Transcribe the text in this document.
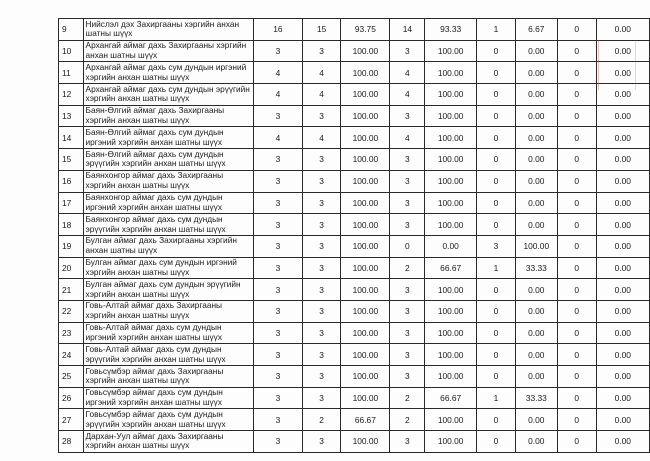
9	Нийслэл дэх Захиргааны хэргийн анхан шатны шүүх	16	15	93.75	14	93.33	1	6.67	0	0.00
10	Архангай аймаг дахь Захиргааны хэргийн анхан шатны шүүх	3	3	100.00	3	100.00	0	0.00	0	0.00
11	Архангай аймаг дахь сум дундын иргэний хэргийн анхан шатны шүүх	4	4	100.00	4	100.00	0	0.00	0	0.00
12	Архангай аймаг дахь сум дундын эрүүгийн хэргийн анхан шатны шүүх	4	4	100.00	4	100.00	0	0.00	0	0.00
13	Баян-Өлгий аймаг дахь Захиргааны хэргийн анхан шатны шүүх	3	3	100.00	3	100.00	0	0.00	0	0.00
14	Баян-Өлгий аймаг дахь сум дундын иргэний хэргийн анхан шатны шүүх	4	4	100.00	4	100.00	0	0.00	0	0.00
15	Баян-Өлгий аймаг дахь сум дундын эрүүгийн хэргийн анхан шатны шүүх	3	3	100.00	3	100.00	0	0.00	0	0.00
16	Баянхонгор аймаг дахь Захиргааны хэргийн анхан шатны шүүх	3	3	100.00	3	100.00	0	0.00	0	0.00
17	Баянхонгор аймаг дахь сум дундын иргэний хэргийн анхан шатны шүүх	3	3	100.00	3	100.00	0	0.00	0	0.00
18	Баянхонгор аймаг дахь сум дундын эрүүгийн хэргийн анхан шатны шүүх	3	3	100.00	3	100.00	0	0.00	0	0.00
19	Булган аймаг дахь Захиргааны хэргийн анхан шатны шүүх	3	3	100.00	0	0.00	3	100.00	0	0.00
20	Булган аймаг дахь сум дундын иргэний хэргийн анхан шатны шүүх	3	3	100.00	2	66.67	1	33.33	0	0.00
21	Булган аймаг дахь сум дундын эрүүгийн хэргийн анхан шатны шүүх	3	3	100.00	3	100.00	0	0.00	0	0.00
22	Говь-Алтай аймаг дахь Захиргааны хэргийн анхан шатны шүүх	3	3	100.00	3	100.00	0	0.00	0	0.00
23	Говь-Алтай аймаг дахь сум дундын иргэний хэргийн анхан шатны шүүх	3	3	100.00	3	100.00	0	0.00	0	0.00
24	Говь-Алтай аймаг дахь сум дундын эрүүгийн хэргийн анхан шатны шүүх	3	3	100.00	3	100.00	0	0.00	0	0.00
25	Говьсүмбэр аймаг дахь Захиргааны хэргийн анхан шатны шүүх	3	3	100.00	3	100.00	0	0.00	0	0.00
26	Говьсүмбэр аймаг дахь сум дундын иргэний хэргийн анхан шатны шүүх	3	3	100.00	2	66.67	1	33.33	0	0.00
27	Говьсүмбэр аймаг дахь сум дундын эрүүгийн хэргийн анхан шатны шүүх	3	2	66.67	2	100.00	0	0.00	0	0.00
28	Дархан-Уул аймаг дахь Захиргааны хэргийн анхан шатны шүүх	3	3	100.00	3	100.00	0	0.00	0	0.00
